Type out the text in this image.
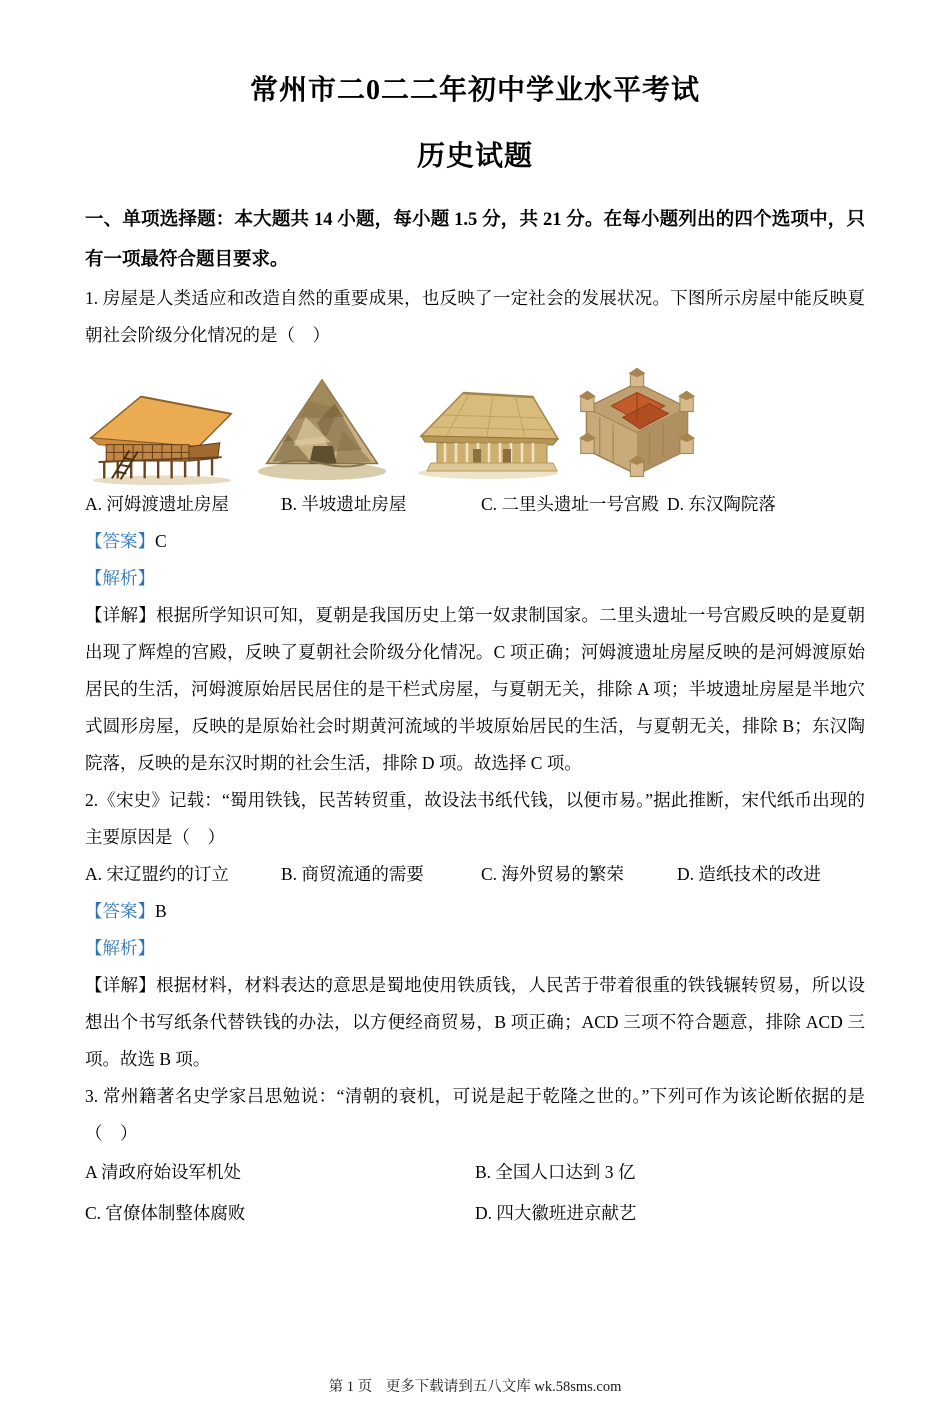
常州市二0二二年初中学业水平考试
历史试题

一、单项选择题：本大题共 14 小题，每小题 1.5 分，共 21 分。在每小题列出的四个选项中，只有一项最符合题目要求。

1. 房屋是人类适应和改造自然的重要成果，也反映了一定社会的发展状况。下图所示房屋中能反映夏朝社会阶级分化情况的是（　）

A. 河姆渡遗址房屋	B. 半坡遗址房屋	C. 二里头遗址一号宫殿 D. 东汉陶院落

【答案】C

【解析】

【详解】根据所学知识可知，夏朝是我国历史上第一奴隶制国家。二里头遗址一号宫殿反映的是夏朝出现了辉煌的宫殿，反映了夏朝社会阶级分化情况。C 项正确；河姆渡遗址房屋反映的是河姆渡原始居民的生活，河姆渡原始居民居住的是干栏式房屋，与夏朝无关，排除 A 项；半坡遗址房屋是半地穴式圆形房屋，反映的是原始社会时期黄河流域的半坡原始居民的生活，与夏朝无关，排除 B；东汉陶院落，反映的是东汉时期的社会生活，排除 D 项。故选择 C 项。

2.《宋史》记载：“蜀用铁钱，民苦转贸重，故设法书纸代钱，以便市易。”据此推断，宋代纸币出现的主要原因是（　）

A. 宋辽盟约的订立	B. 商贸流通的需要	C. 海外贸易的繁荣	D. 造纸技术的改进

【答案】B

【解析】

【详解】根据材料，材料表达的意思是蜀地使用铁质钱，人民苦于带着很重的铁钱辗转贸易，所以设想出个书写纸条代替铁钱的办法，以方便经商贸易，B 项正确；ACD 三项不符合题意，排除 ACD 三项。故选 B 项。

3. 常州籍著名史学家吕思勉说：“清朝的衰机，可说是起于乾隆之世的。”下列可作为该论断依据的是（　）

A 清政府始设军机处	B. 全国人口达到 3 亿
C. 官僚体制整体腐败	D. 四大徽班进京献艺
第 1 页 更多下载请到五八文库 wk.58sms.com
